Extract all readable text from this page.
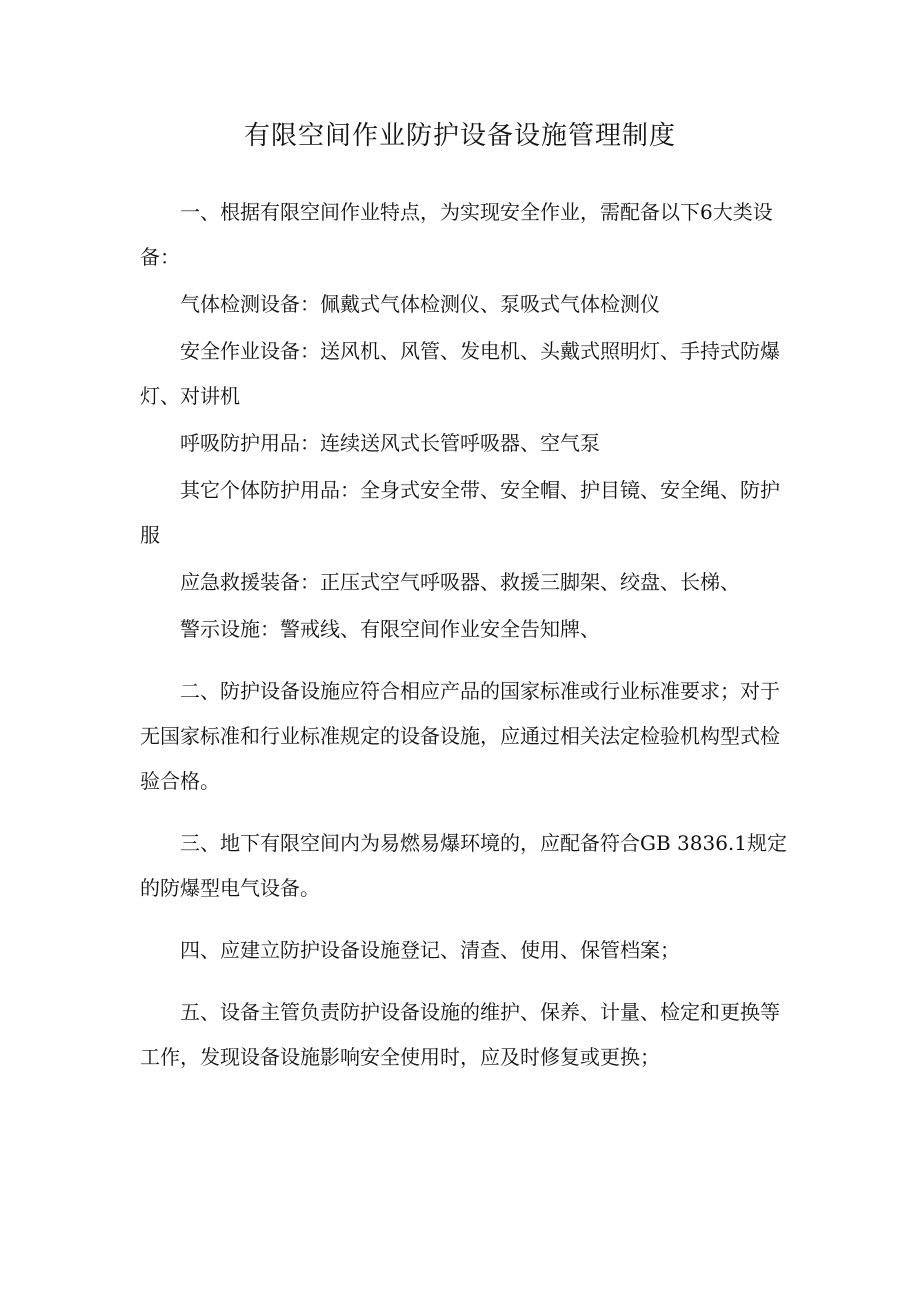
有限空间作业防护设备设施管理制度

一、根据有限空间作业特点，为实现安全作业，需配备以下6大类设备：

气体检测设备：佩戴式气体检测仪、泵吸式气体检测仪

安全作业设备：送风机、风管、发电机、头戴式照明灯、手持式防爆灯、对讲机

呼吸防护用品：连续送风式长管呼吸器、空气泵

其它个体防护用品：全身式安全带、安全帽、护目镜、安全绳、防护服

应急救援装备：正压式空气呼吸器、救援三脚架、绞盘、长梯、

警示设施：警戒线、有限空间作业安全告知牌、

二、防护设备设施应符合相应产品的国家标准或行业标准要求；对于无国家标准和行业标准规定的设备设施，应通过相关法定检验机构型式检验合格。

三、地下有限空间内为易燃易爆环境的，应配备符合GB 3836.1规定的防爆型电气设备。

四、应建立防护设备设施登记、清查、使用、保管档案；

五、设备主管负责防护设备设施的维护、保养、计量、检定和更换等工作，发现设备设施影响安全使用时，应及时修复或更换；
